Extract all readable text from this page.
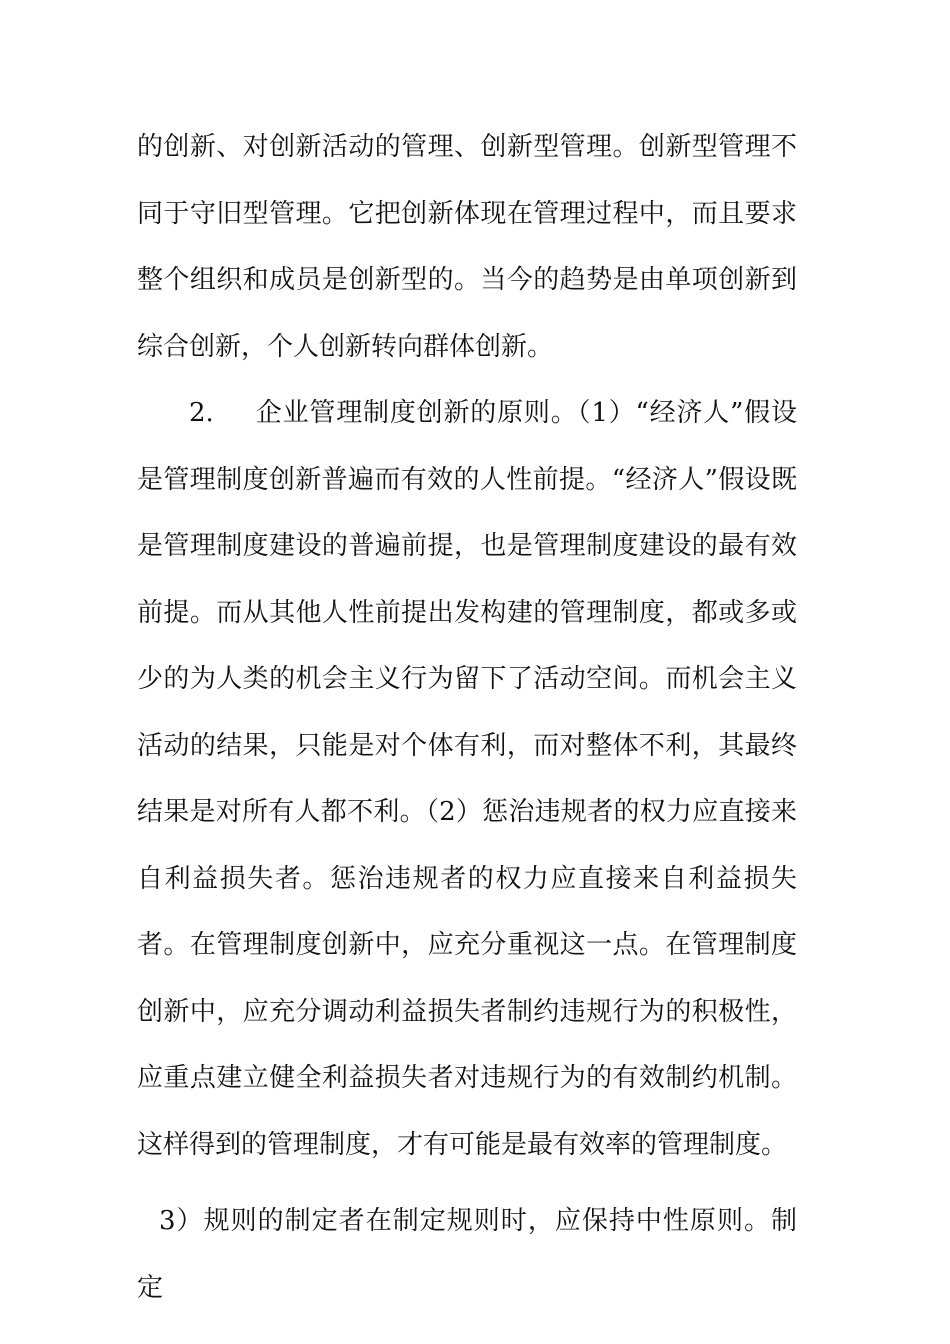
的创新、对创新活动的管理、创新型管理。创新型管理不同于守旧型管理。它把创新体现在管理过程中，而且要求整个组织和成员是创新型的。当今的趋势是由单项创新到综合创新，个人创新转向群体创新。

2. 企业管理制度创新的原则。（1）“经济人”假设是管理制度创新普遍而有效的人性前提。“经济人”假设既是管理制度建设的普遍前提，也是管理制度建设的最有效前提。而从其他人性前提出发构建的管理制度，都或多或少的为人类的机会主义行为留下了活动空间。而机会主义活动的结果，只能是对个体有利，而对整体不利，其最终结果是对所有人都不利。（2）惩治违规者的权力应直接来自利益损失者。惩治违规者的权力应直接来自利益损失者。在管理制度创新中，应充分重视这一点。在管理制度创新中，应充分调动利益损失者制约违规行为的积极性，应重点建立健全利益损失者对违规行为的有效制约机制。这样得到的管理制度，才有可能是最有效率的管理制度。

3）规则的制定者在制定规则时，应保持中性原则。制定
